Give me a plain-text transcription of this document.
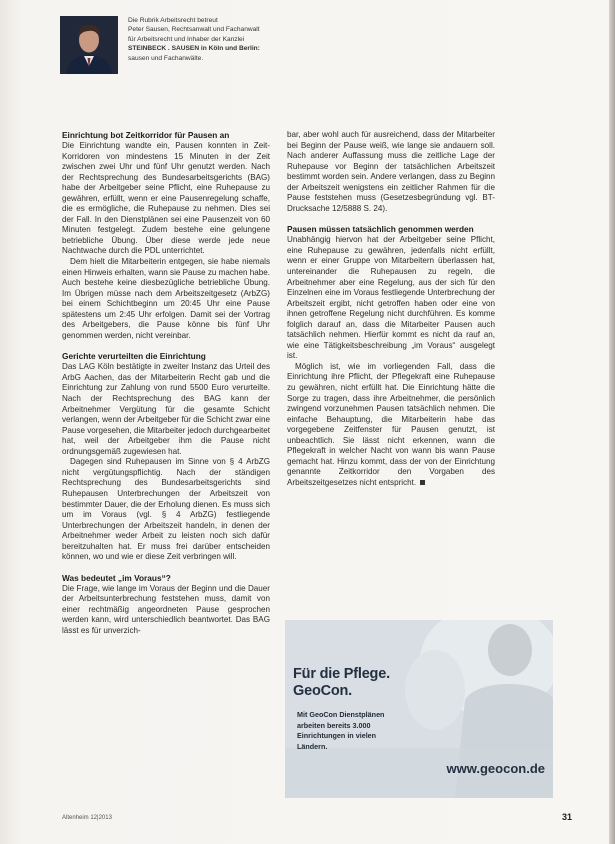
Die Rubrik Arbeitsrecht betreut
Peter Sausen, Rechtsanwalt und Fachanwalt
für Arbeitsrecht und Inhaber der Kanzlei
STEINBECK . SAUSEN in Köln und Berlin:
sausen und Fachanwälte.
Einrichtung bot Zeitkorridor für Pausen an

Die Einrichtung wandte ein, Pausen konnten in Zeit-Korridoren von mindestens 15 Minuten in der Zeit zwischen zwei Uhr und fünf Uhr genutzt werden. Nach der Rechtsprechung des Bundesarbeitsgerichts (BAG) habe der Arbeitgeber seine Pflicht, eine Ruhepause zu gewähren, erfüllt, wenn er eine Pausenregelung schaffe, die es ermögliche, die Ruhepause zu nehmen. Dies sei der Fall. In den Dienstplänen sei eine Pausenzeit von 60 Minuten festgelegt. Zudem bestehe eine gelungene betriebliche Übung. Über diese werde jede neue Nachtwache durch die PDL unterrichtet.

Dem hielt die Mitarbeiterin entgegen, sie habe niemals einen Hinweis erhalten, wann sie Pause zu machen habe. Auch bestehe keine diesbezügliche betriebliche Übung. Im Übrigen müsse nach dem Arbeitszeitgesetz (ArbZG) bei einem Schichtbeginn um 20:45 Uhr eine Pause spätestens um 2:45 Uhr erfolgen. Damit sei der Vortrag des Arbeitgebers, die Pause könne bis fünf Uhr genommen werden, nicht vereinbar.

Gerichte verurteilten die Einrichtung

Das LAG Köln bestätigte in zweiter Instanz das Urteil des ArbG Aachen, das der Mitarbeiterin Recht gab und die Einrichtung zur Zahlung von rund 5500 Euro verurteilte. Nach der Rechtsprechung des BAG kann der Arbeitnehmer Vergütung für die gesamte Schicht verlangen, wenn der Arbeitgeber für die Schicht zwar eine Pause vorgesehen, die Mitarbeiter jedoch durchgearbeitet hat, weil der Arbeitgeber ihm die Pause nicht ordnungsgemäß zugewiesen hat.

Dagegen sind Ruhepausen im Sinne von § 4 ArbZG nicht vergütungspflichtig. Nach der ständigen Rechtsprechung des Bundesarbeitsgerichts sind Ruhepausen Unterbrechungen der Arbeitszeit von bestimmter Dauer, die der Erholung dienen. Es muss sich um im Voraus (vgl. § 4 ArbZG) festliegende Unterbrechungen der Arbeitszeit handeln, in denen der Arbeitnehmer weder Arbeit zu leisten noch sich dafür bereitzuhalten hat. Er muss frei darüber entscheiden können, wo und wie er diese Zeit verbringen will.

Was bedeutet „im Voraus“?

Die Frage, wie lange im Voraus der Beginn und die Dauer der Arbeitsunterbrechung feststehen muss, damit von einer rechtmäßig angeordneten Pause gesprochen werden kann, wird unterschiedlich beantwortet. Das BAG lässt es für unverzich-

bar, aber wohl auch für ausreichend, dass der Mitarbeiter bei Beginn der Pause weiß, wie lange sie andauern soll. Nach anderer Auffassung muss die zeitliche Lage der Ruhepause vor Beginn der tatsächlichen Arbeitszeit bestimmt worden sein. Andere verlangen, dass zu Beginn der Arbeitszeit wenigstens ein zeitlicher Rahmen für die Pause feststehen muss (Gesetzesbegründung vgl. BT-Drucksache 12/5888 S. 24).

Pausen müssen tatsächlich genommen werden

Unabhängig hiervon hat der Arbeitgeber seine Pflicht, eine Ruhepause zu gewähren, jedenfalls nicht erfüllt, wenn er einer Gruppe von Mitarbeitern überlassen hat, untereinander die Ruhepausen zu regeln, die Arbeitnehmer aber eine Regelung, aus der sich für den Einzelnen eine im Voraus festliegende Unterbrechung der Arbeitszeit ergibt, nicht getroffen haben oder eine von ihnen getroffene Regelung nicht durchführen. Es komme folglich darauf an, dass die Mitarbeiter Pausen auch tatsächlich nehmen. Hierfür kommt es nicht da rauf an, wie eine Tätigkeitsbeschreibung „im Voraus“ ausgelegt ist.

Möglich ist, wie im vorliegenden Fall, dass die Einrichtung ihre Pflicht, der Pflegekraft eine Ruhepause zu gewähren, nicht erfüllt hat. Die Einrichtung hätte die Sorge zu tragen, dass ihre Arbeitnehmer, die persönlich zwingend vorzunehmen Pausen tatsächlich nehmen. Die einfache Behauptung, die Mitarbeiterin habe das vorgegebene Zeitfenster für Pausen genutzt, ist unbeachtlich. Sie lässt nicht erkennen, wann die Pflegekraft in welcher Nacht von wann bis wann Pause gemacht hat. Hinzu kommt, dass der von der Einrichtung genannte Zeitkorridor den Vorgaben des Arbeitszeitgesetzes nicht entspricht.

Für die Pflege.
GeoCon.
Mit GeoCon Dienstplänen
arbeiten bereits 3.000
Einrichtungen in vielen
Ländern.
www.geocon.de
Altenheim 12|2013	31
